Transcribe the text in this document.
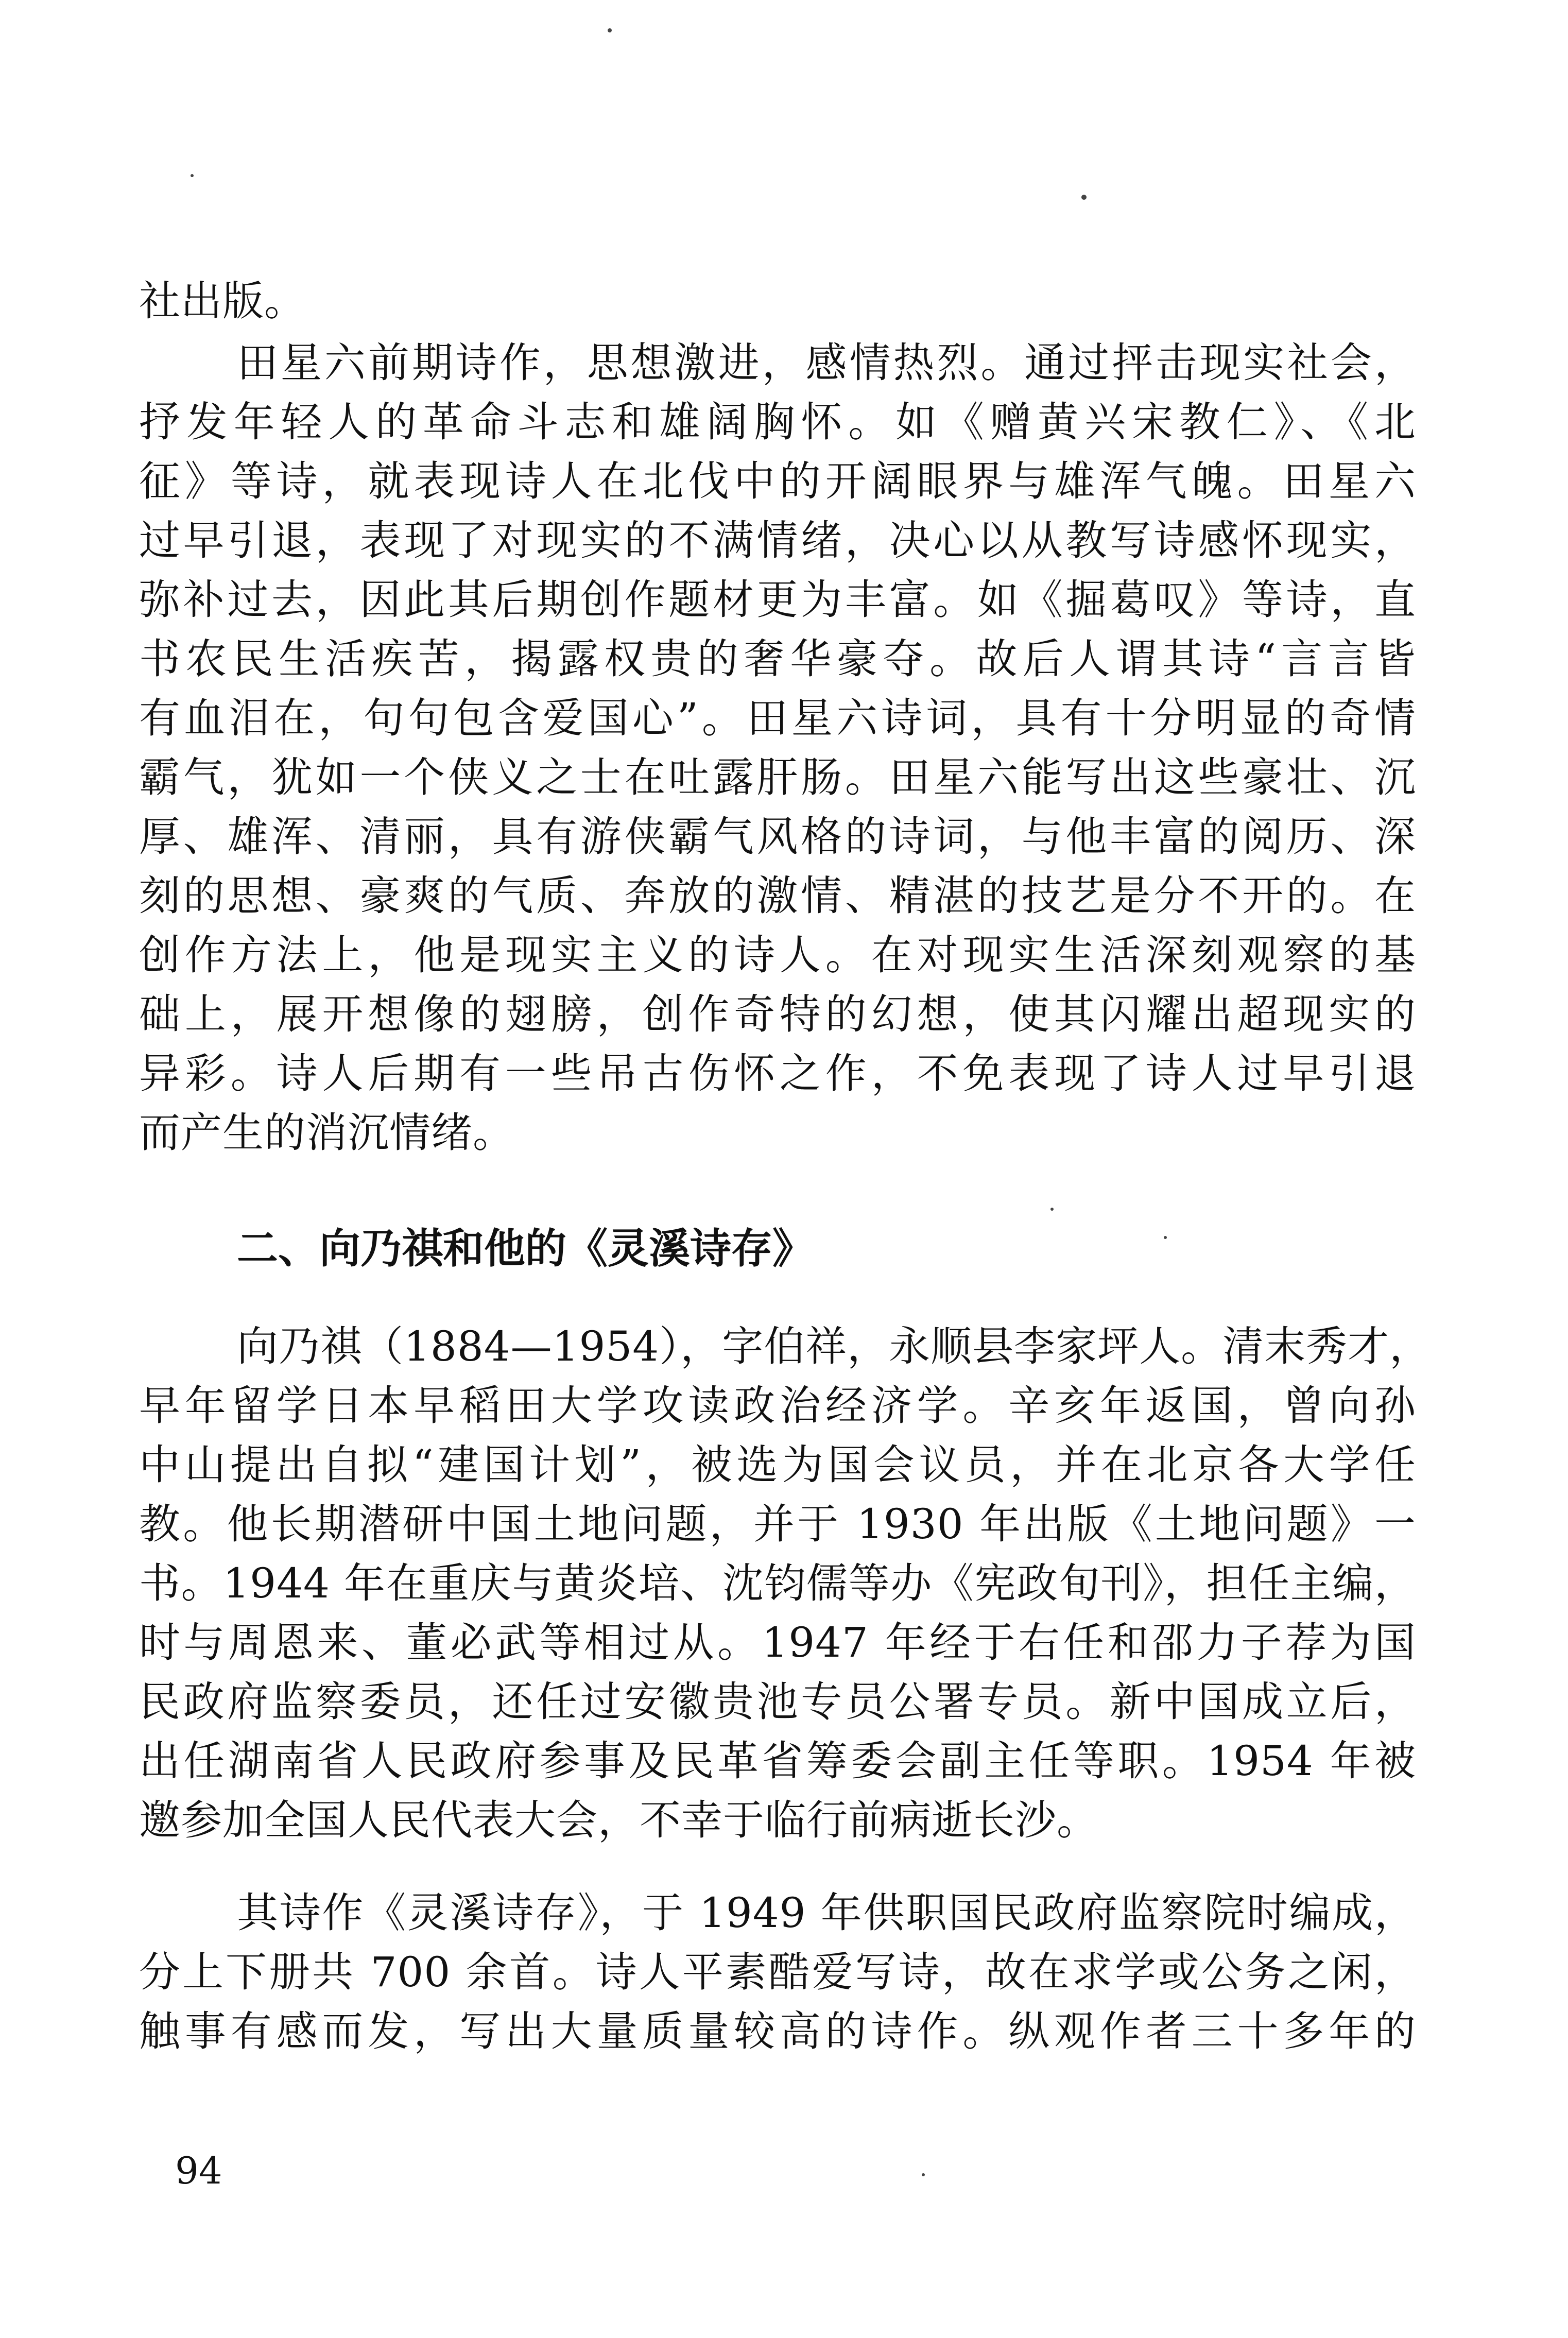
社出版。
田星六前期诗作，思想激进，感情热烈。通过抨击现实社会，
抒发年轻人的革命斗志和雄阔胸怀。如《赠黄兴宋教仁》、《北
征》等诗，就表现诗人在北伐中的开阔眼界与雄浑气魄。田星六
过早引退，表现了对现实的不满情绪，决心以从教写诗感怀现实，
弥补过去，因此其后期创作题材更为丰富。如《掘葛叹》等诗，直
书农民生活疾苦，揭露权贵的奢华豪夺。故后人谓其诗“言言皆
有血泪在，句句包含爱国心”。田星六诗词，具有十分明显的奇情
霸气，犹如一个侠义之士在吐露肝肠。田星六能写出这些豪壮、沉
厚、雄浑、清丽，具有游侠霸气风格的诗词，与他丰富的阅历、深
刻的思想、豪爽的气质、奔放的激情、精湛的技艺是分不开的。在
创作方法上，他是现实主义的诗人。在对现实生活深刻观察的基
础上，展开想像的翅膀，创作奇特的幻想，使其闪耀出超现实的
异彩。诗人后期有一些吊古伤怀之作，不免表现了诗人过早引退
而产生的消沉情绪。
二、向乃祺和他的《灵溪诗存》
向乃祺（1884—1954），字伯祥，永顺县李家坪人。清末秀才，
早年留学日本早稻田大学攻读政治经济学。辛亥年返国，曾向孙
中山提出自拟“建国计划”，被选为国会议员，并在北京各大学任
教。他长期潜研中国土地问题，并于 1930 年出版《土地问题》一
书。1944 年在重庆与黄炎培、沈钧儒等办《宪政旬刊》，担任主编，
时与周恩来、董必武等相过从。1947 年经于右任和邵力子荐为国
民政府监察委员，还任过安徽贵池专员公署专员。新中国成立后，
出任湖南省人民政府参事及民革省筹委会副主任等职。1954 年被
邀参加全国人民代表大会，不幸于临行前病逝长沙。
其诗作《灵溪诗存》，于 1949 年供职国民政府监察院时编成，
分上下册共 700 余首。诗人平素酷爱写诗，故在求学或公务之闲，
触事有感而发，写出大量质量较高的诗作。纵观作者三十多年的
94
